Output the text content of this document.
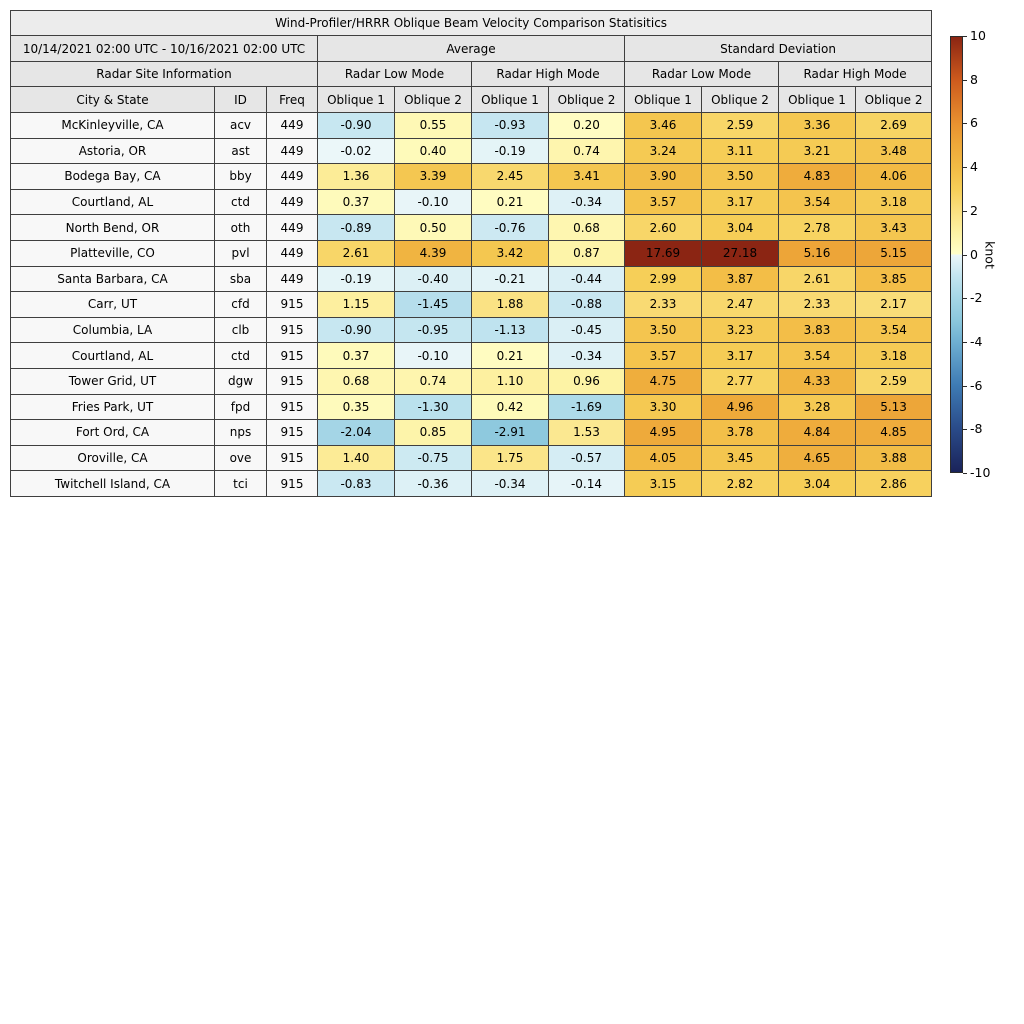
Wind-Profiler/HRRR Oblique Beam Velocity Comparison Statisitics										
10/14/2021 02:00 UTC - 10/16/2021 02:00 UTC			Average				Standard Deviation			
Radar Site Information			Radar Low Mode		Radar High Mode		Radar Low Mode		Radar High Mode	
City & State	ID	Freq	Oblique 1	Oblique 2	Oblique 1	Oblique 2	Oblique 1	Oblique 2	Oblique 1	Oblique 2
McKinleyville, CA	acv	449	-0.90	0.55	-0.93	0.20	3.46	2.59	3.36	2.69
Astoria, OR	ast	449	-0.02	0.40	-0.19	0.74	3.24	3.11	3.21	3.48
Bodega Bay, CA	bby	449	1.36	3.39	2.45	3.41	3.90	3.50	4.83	4.06
Courtland, AL	ctd	449	0.37	-0.10	0.21	-0.34	3.57	3.17	3.54	3.18
North Bend, OR	oth	449	-0.89	0.50	-0.76	0.68	2.60	3.04	2.78	3.43
Platteville, CO	pvl	449	2.61	4.39	3.42	0.87	17.69	27.18	5.16	5.15
Santa Barbara, CA	sba	449	-0.19	-0.40	-0.21	-0.44	2.99	3.87	2.61	3.85
Carr, UT	cfd	915	1.15	-1.45	1.88	-0.88	2.33	2.47	2.33	2.17
Columbia, LA	clb	915	-0.90	-0.95	-1.13	-0.45	3.50	3.23	3.83	3.54
Courtland, AL	ctd	915	0.37	-0.10	0.21	-0.34	3.57	3.17	3.54	3.18
Tower Grid, UT	dgw	915	0.68	0.74	1.10	0.96	4.75	2.77	4.33	2.59
Fries Park, UT	fpd	915	0.35	-1.30	0.42	-1.69	3.30	4.96	3.28	5.13
Fort Ord, CA	nps	915	-2.04	0.85	-2.91	1.53	4.95	3.78	4.84	4.85
Oroville, CA	ove	915	1.40	-0.75	1.75	-0.57	4.05	3.45	4.65	3.88
Twitchell Island, CA	tci	915	-0.83	-0.36	-0.34	-0.14	3.15	2.82	3.04	2.86
10
8
6
4
2
0
-2
-4
-6
-8
-10
knot
